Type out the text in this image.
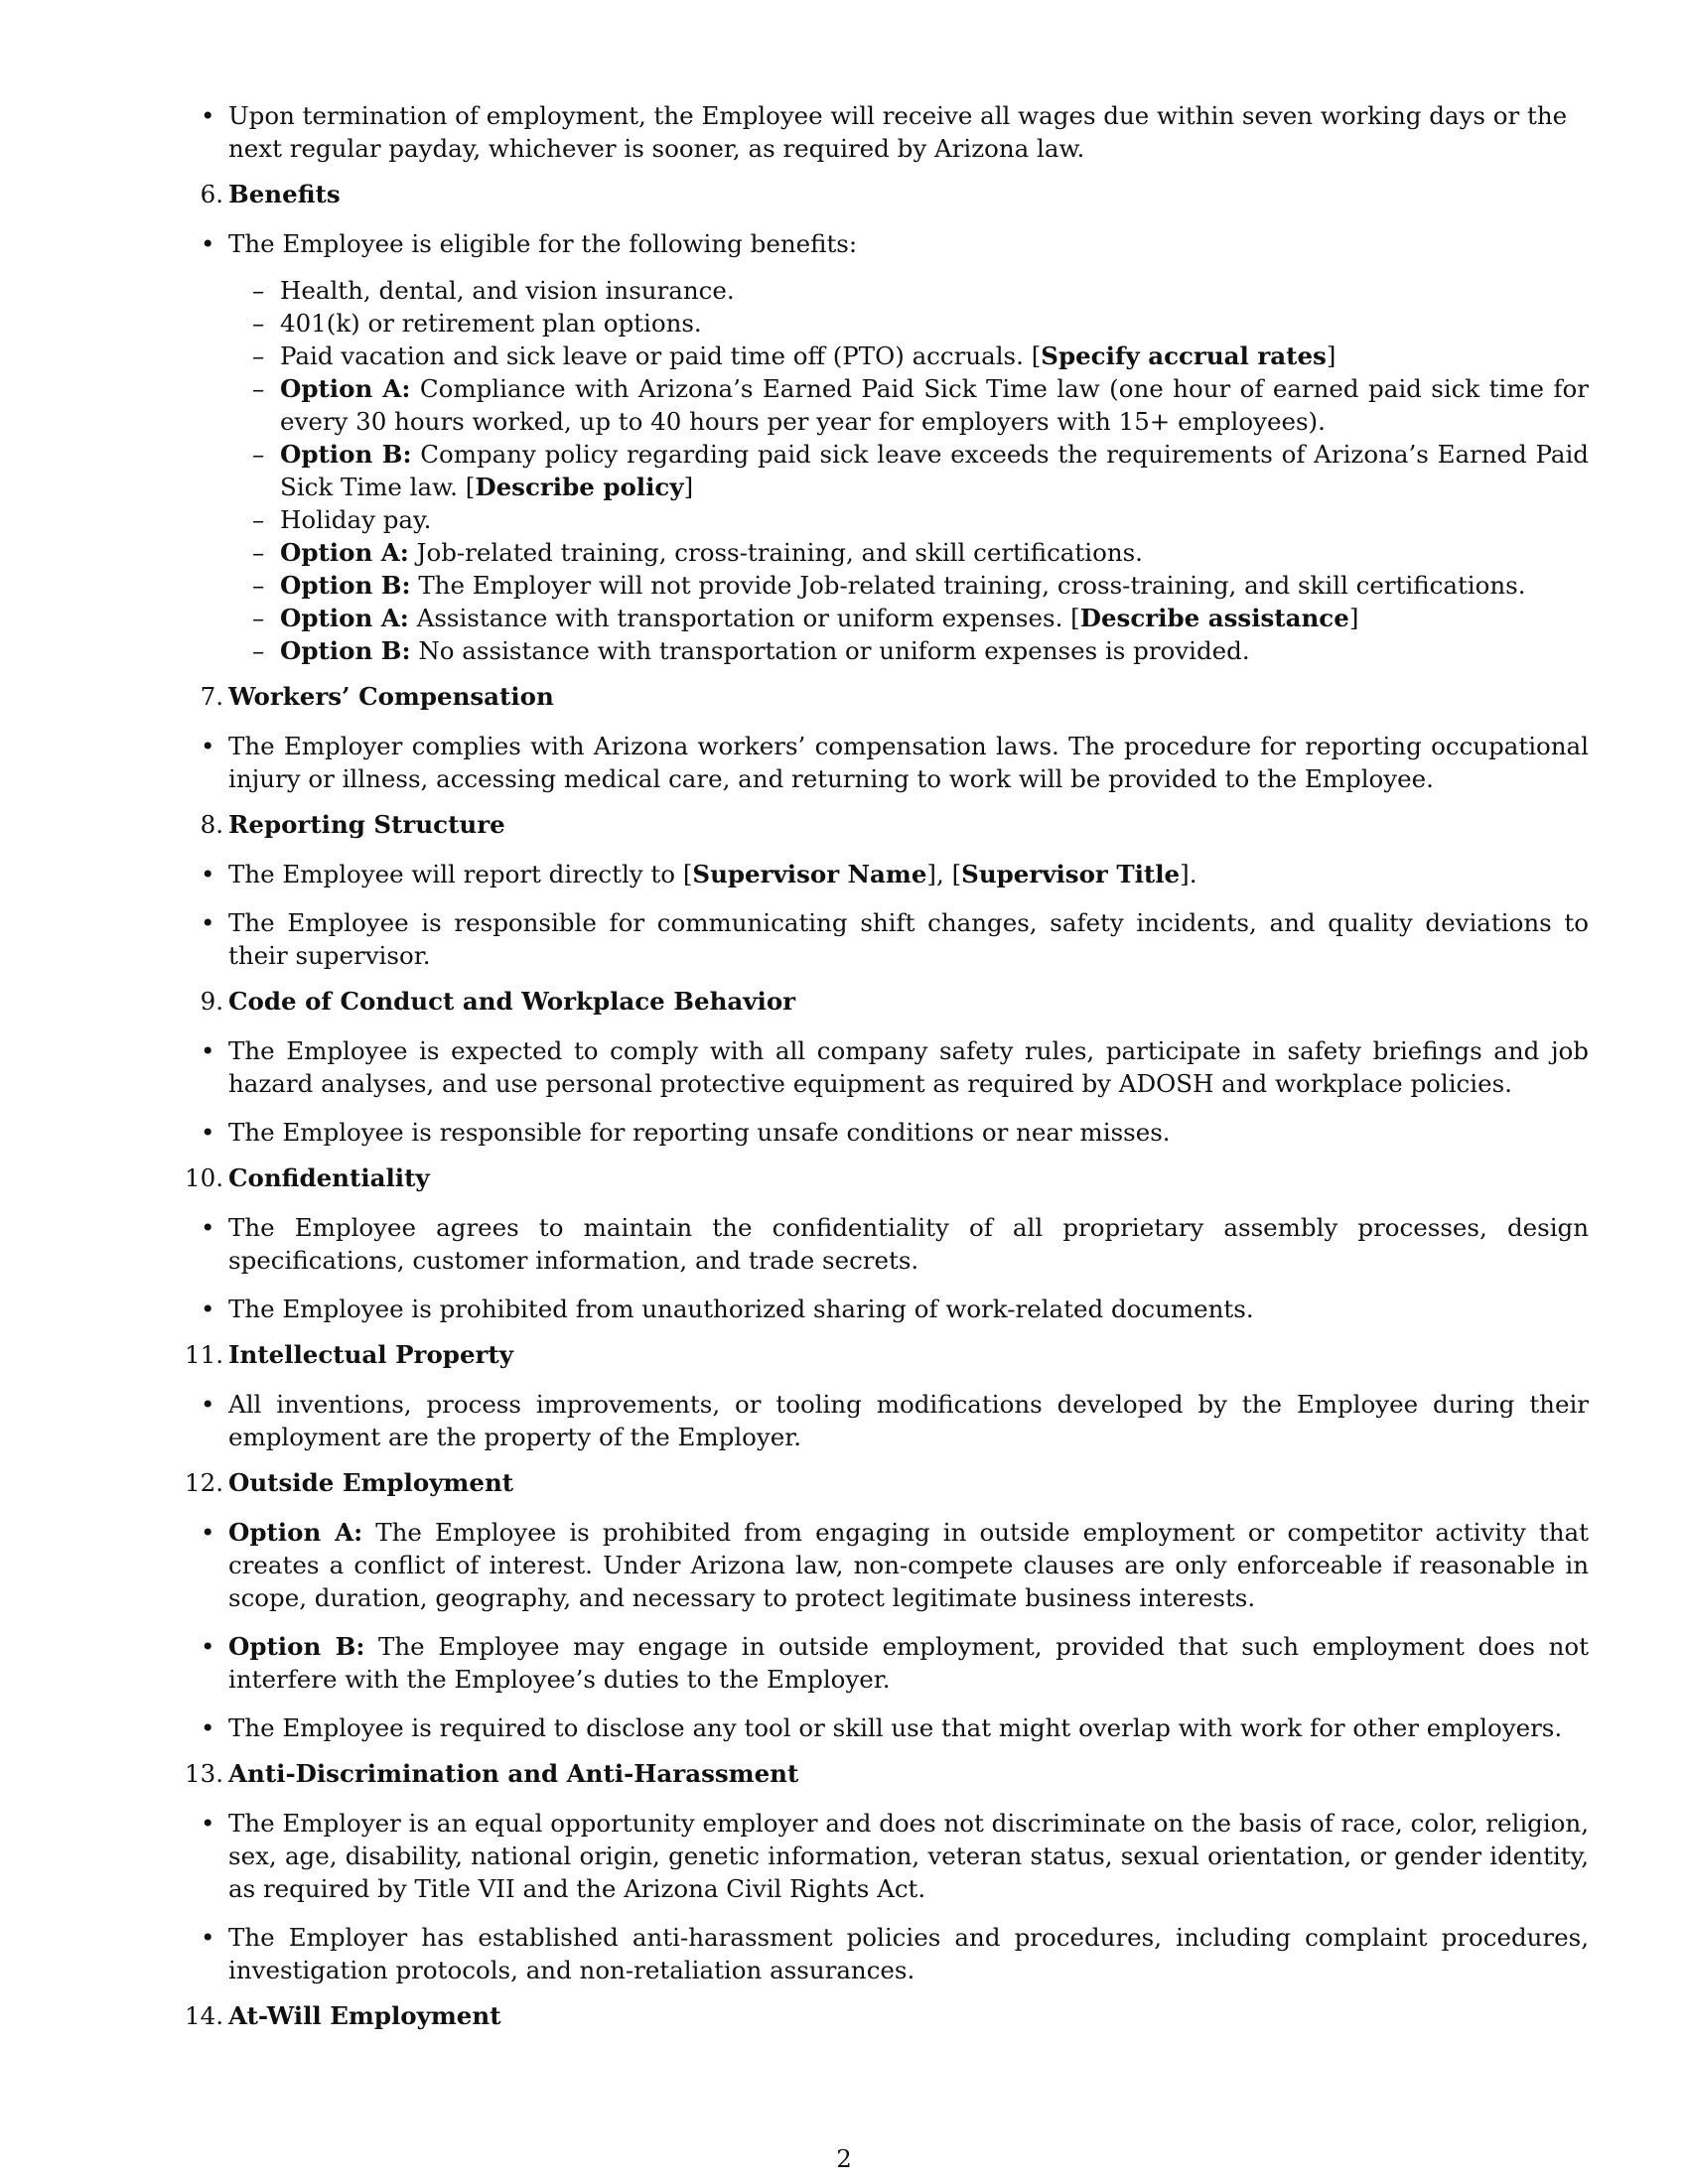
• Upon termination of employment, the Employee will receive all wages due within seven working days or the next regular payday, whichever is sooner, as required by Arizona law.
6. Benefits
• The Employee is eligible for the following benefits:
– Health, dental, and vision insurance.
– 401(k) or retirement plan options.
– Paid vacation and sick leave or paid time off (PTO) accruals. [Specify accrual rates]
– Option A: Compliance with Arizona’s Earned Paid Sick Time law (one hour of earned paid sick time for every 30 hours worked, up to 40 hours per year for employers with 15+ employees).
– Option B: Company policy regarding paid sick leave exceeds the requirements of Arizona’s Earned Paid Sick Time law. [Describe policy]
– Holiday pay.
– Option A: Job-related training, cross-training, and skill certifications.
– Option B: The Employer will not provide Job-related training, cross-training, and skill certifications.
– Option A: Assistance with transportation or uniform expenses. [Describe assistance]
– Option B: No assistance with transportation or uniform expenses is provided.
7. Workers’ Compensation
• The Employer complies with Arizona workers’ compensation laws. The procedure for reporting occupational injury or illness, accessing medical care, and returning to work will be provided to the Employee.
8. Reporting Structure
• The Employee will report directly to [Supervisor Name], [Supervisor Title].
• The Employee is responsible for communicating shift changes, safety incidents, and quality deviations to their supervisor.
9. Code of Conduct and Workplace Behavior
• The Employee is expected to comply with all company safety rules, participate in safety briefings and job hazard analyses, and use personal protective equipment as required by ADOSH and workplace policies.
• The Employee is responsible for reporting unsafe conditions or near misses.
10. Confidentiality
• The Employee agrees to maintain the confidentiality of all proprietary assembly processes, design specifications, customer information, and trade secrets.
• The Employee is prohibited from unauthorized sharing of work-related documents.
11. Intellectual Property
• All inventions, process improvements, or tooling modifications developed by the Employee during their employment are the property of the Employer.
12. Outside Employment
• Option A: The Employee is prohibited from engaging in outside employment or competitor activity that creates a conflict of interest. Under Arizona law, non-compete clauses are only enforceable if reasonable in scope, duration, geography, and necessary to protect legitimate business interests.
• Option B: The Employee may engage in outside employment, provided that such employment does not interfere with the Employee’s duties to the Employer.
• The Employee is required to disclose any tool or skill use that might overlap with work for other employers.
13. Anti-Discrimination and Anti-Harassment
• The Employer is an equal opportunity employer and does not discriminate on the basis of race, color, religion, sex, age, disability, national origin, genetic information, veteran status, sexual orientation, or gender identity, as required by Title VII and the Arizona Civil Rights Act.
• The Employer has established anti-harassment policies and procedures, including complaint procedures, investigation protocols, and non-retaliation assurances.
14. At-Will Employment
2
